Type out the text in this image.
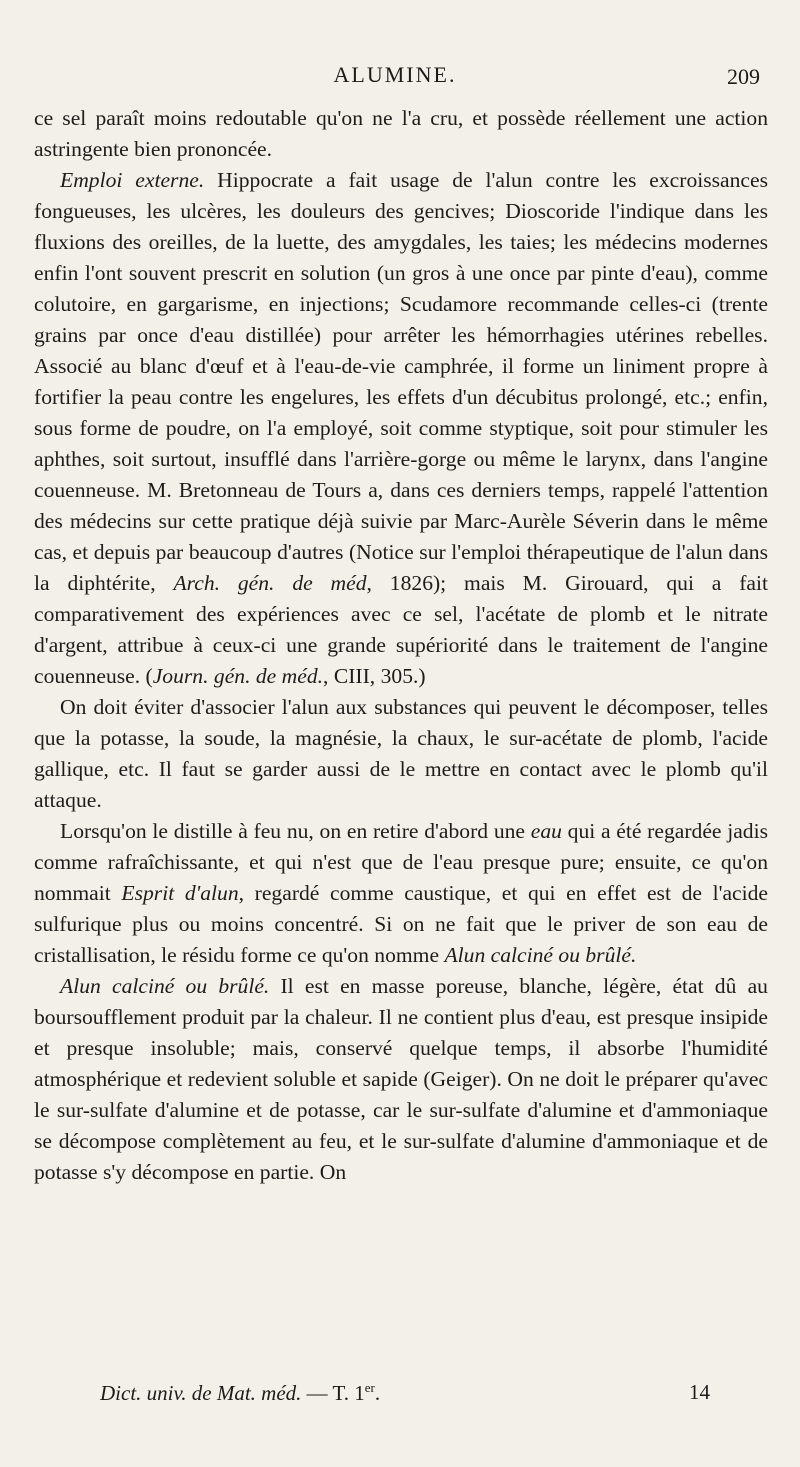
ALUMINE.	209

ce sel paraît moins redoutable qu'on ne l'a cru, et possède réellement une action astringente bien prononcée.

Emploi externe. Hippocrate a fait usage de l'alun contre les excroissances fongueuses, les ulcères, les douleurs des gencives; Dioscoride l'indique dans les fluxions des oreilles, de la luette, des amygdales, les taies; les médecins modernes enfin l'ont souvent prescrit en solution (un gros à une once par pinte d'eau), comme colutoire, en gargarisme, en injections; Scudamore recommande celles-ci (trente grains par once d'eau distillée) pour arrêter les hémorrhagies utérines rebelles. Associé au blanc d'œuf et à l'eau-de-vie camphrée, il forme un liniment propre à fortifier la peau contre les engelures, les effets d'un décubitus prolongé, etc.; enfin, sous forme de poudre, on l'a employé, soit comme styptique, soit pour stimuler les aphthes, soit surtout, insufflé dans l'arrière-gorge ou même le larynx, dans l'angine couenneuse. M. Bretonneau de Tours a, dans ces derniers temps, rappelé l'attention des médecins sur cette pratique déjà suivie par Marc-Aurèle Séverin dans le même cas, et depuis par beaucoup d'autres (Notice sur l'emploi thérapeutique de l'alun dans la diphtérite, Arch. gén. de méd, 1826); mais M. Girouard, qui a fait comparativement des expériences avec ce sel, l'acétate de plomb et le nitrate d'argent, attribue à ceux-ci une grande supériorité dans le traitement de l'angine couenneuse. (Journ. gén. de méd., CIII, 305.)

On doit éviter d'associer l'alun aux substances qui peuvent le décomposer, telles que la potasse, la soude, la magnésie, la chaux, le sur-acétate de plomb, l'acide gallique, etc. Il faut se garder aussi de le mettre en contact avec le plomb qu'il attaque.

Lorsqu'on le distille à feu nu, on en retire d'abord une eau qui a été regardée jadis comme rafraîchissante, et qui n'est que de l'eau presque pure; ensuite, ce qu'on nommait Esprit d'alun, regardé comme caustique, et qui en effet est de l'acide sulfurique plus ou moins concentré. Si on ne fait que le priver de son eau de cristallisation, le résidu forme ce qu'on nomme Alun calciné ou brûlé.

Alun calciné ou brûlé. Il est en masse poreuse, blanche, légère, état dû au boursoufflement produit par la chaleur. Il ne contient plus d'eau, est presque insipide et presque insoluble; mais, conservé quelque temps, il absorbe l'humidité atmosphérique et redevient soluble et sapide (Geiger). On ne doit le préparer qu'avec le sur-sulfate d'alumine et de potasse, car le sur-sulfate d'alumine et d'ammoniaque se décompose complètement au feu, et le sur-sulfate d'alumine d'ammoniaque et de potasse s'y décompose en partie. On

Dict. univ. de Mat. méd. — T. 1er.	14
